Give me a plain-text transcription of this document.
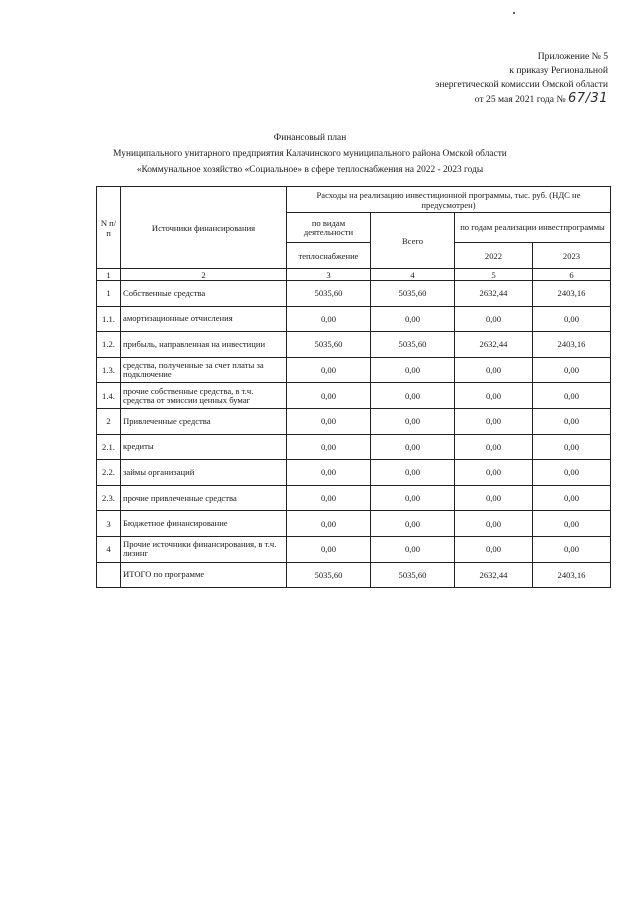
Приложение № 5
к приказу Региональной
энергетической комиссии Омской области
от 25 мая 2021 года № 67/31
Финансовый план
Муниципального унитарного предприятия Калачинского муниципального района Омской области
«Коммунальное хозяйство «Социальное» в сфере теплоснабжения на 2022 - 2023 годы
N п/п	Источники финансирования	Расходы на реализацию инвестиционной программы, тыс. руб. (НДС не предусмотрен)			
		по видам деятельности	Всего	по годам реализации инвестпрограммы	
		теплоснабжение		2022	2023
1	2	3	4	5	6
1	Собственные средства	5035,60	5035,60	2632,44	2403,16
1.1.	амортизационные отчисления	0,00	0,00	0,00	0,00
1.2.	прибыль, направленная на инвестиции	5035,60	5035,60	2632,44	2403,16
1.3.	средства, полученные за счет платы за подключение	0,00	0,00	0,00	0,00
1.4.	прочие собственные средства, в т.ч. средства от эмиссии ценных бумаг	0,00	0,00	0,00	0,00
2	Привлеченные средства	0,00	0,00	0,00	0,00
2.1.	кредиты	0,00	0,00	0,00	0,00
2.2.	займы организаций	0,00	0,00	0,00	0,00
2.3.	прочие привлеченные средства	0,00	0,00	0,00	0,00
3	Бюджетное финансирование	0,00	0,00	0,00	0,00
4	Прочие источники финансирования, в т.ч. лизинг	0,00	0,00	0,00	0,00
	ИТОГО по программе	5035,60	5035,60	2632,44	2403,16
